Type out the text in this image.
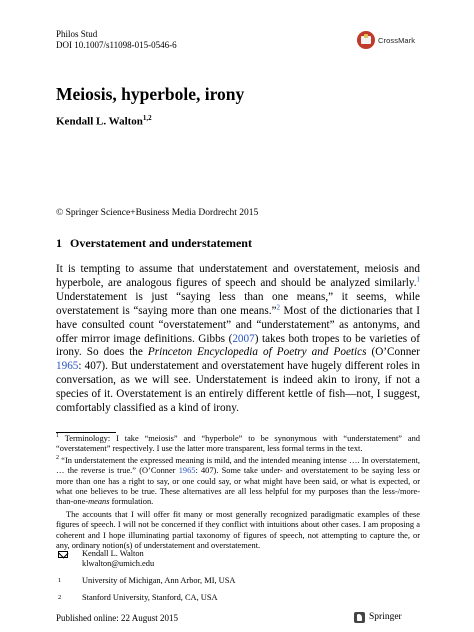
Philos Stud
DOI 10.1007/s11098-015-0546-6	CrossMark
Meiosis, hyperbole, irony
Kendall L. Walton$^{1,2}$
© Springer Science+Business Media Dordrecht 2015
1 Overstatement and understatement
It is tempting to assume that understatement and overstatement, meiosis and hyperbole, are analogous figures of speech and should be analyzed similarly.$^1$ Understatement is just “saying less than one means,” it seems, while overstatement is “saying more than one means.”$^2$ Most of the dictionaries that I have consulted count “overstatement” and “understatement” as antonyms, and offer mirror image definitions. Gibbs (2007) takes both tropes to be varieties of irony. So does the Princeton Encyclopedia of Poetry and Poetics (O’Conner 1965: 407). But understatement and overstatement have hugely different roles in conversation, as we will see. Understatement is indeed akin to irony, if not a species of it. Overstatement is an entirely different kettle of fish—not, I suggest, comfortably classified as a kind of irony.
$^1$ Terminology: I take “meiosis” and “hyperbole” to be synonymous with “understatement” and “overstatement” respectively. I use the latter more transparent, less formal terms in the text.
$^2$ “In understatement the expressed meaning is mild, and the intended meaning intense …. In overstatement, … the reverse is true.” (O’Conner 1965: 407). Some take under- and overstatement to be saying less or more than one has a right to say, or one could say, or what might have been said, or what is expected, or what one believes to be true. These alternatives are all less helpful for my purposes than the less-/more-than-one-means formulation.
The accounts that I will offer fit many or most generally recognized paradigmatic examples of these figures of speech. I will not be concerned if they conflict with intuitions about other cases. I am proposing a coherent and I hope illuminating partial taxonomy of figures of speech, not attempting to capture the, or any, ordinary notion(s) of understatement and overstatement.
Kendall L. Walton
klwalton@umich.edu
1 University of Michigan, Ann Arbor, MI, USA
2 Stanford University, Stanford, CA, USA
Published online: 22 August 2015	Springer
